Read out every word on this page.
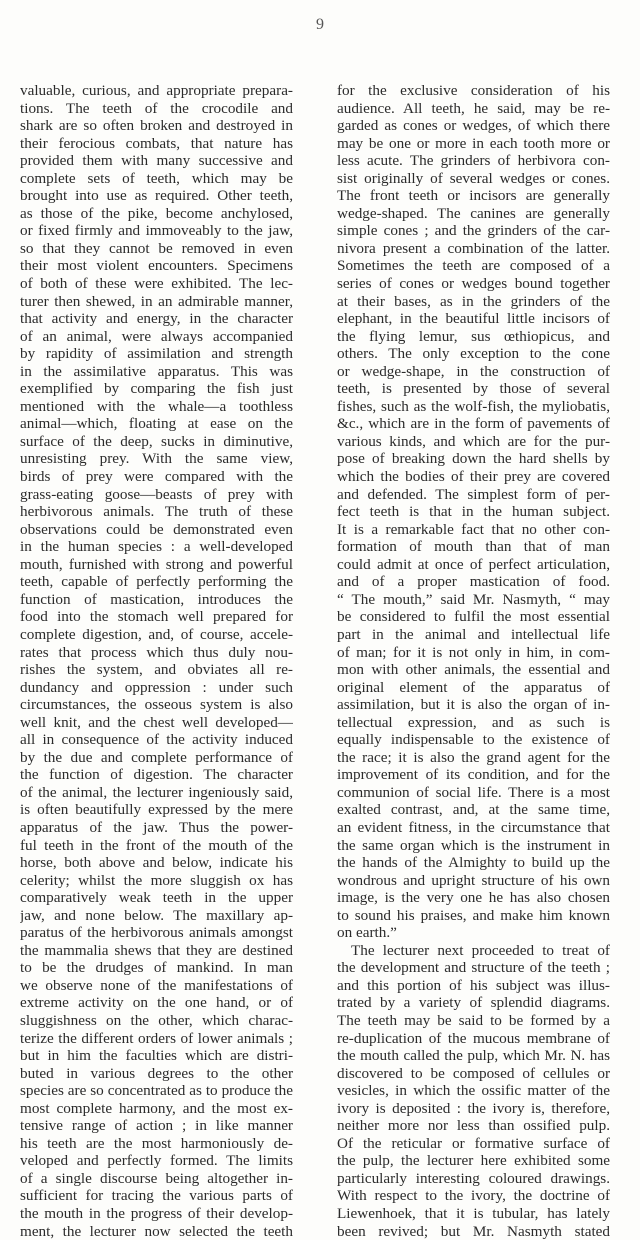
9
valuable, curious, and appropriate prepara-
tions. The teeth of the crocodile and
shark are so often broken and destroyed in
their ferocious combats, that nature has
provided them with many successive and
complete sets of teeth, which may be
brought into use as required. Other teeth,
as those of the pike, become anchylosed,
or fixed firmly and immoveably to the jaw,
so that they cannot be removed in even
their most violent encounters. Specimens
of both of these were exhibited. The lec-
turer then shewed, in an admirable manner,
that activity and energy, in the character
of an animal, were always accompanied
by rapidity of assimilation and strength
in the assimilative apparatus. This was
exemplified by comparing the fish just
mentioned with the whale—a toothless
animal—which, floating at ease on the
surface of the deep, sucks in diminutive,
unresisting prey. With the same view,
birds of prey were compared with the
grass-eating goose—beasts of prey with
herbivorous animals. The truth of these
observations could be demonstrated even
in the human species : a well-developed
mouth, furnished with strong and powerful
teeth, capable of perfectly performing the
function of mastication, introduces the
food into the stomach well prepared for
complete digestion, and, of course, accele-
rates that process which thus duly nou-
rishes the system, and obviates all re-
dundancy and oppression : under such
circumstances, the osseous system is also
well knit, and the chest well developed—
all in consequence of the activity induced
by the due and complete performance of
the function of digestion. The character
of the animal, the lecturer ingeniously said,
is often beautifully expressed by the mere
apparatus of the jaw. Thus the power-
ful teeth in the front of the mouth of the
horse, both above and below, indicate his
celerity; whilst the more sluggish ox has
comparatively weak teeth in the upper
jaw, and none below. The maxillary ap-
paratus of the herbivorous animals amongst
the mammalia shews that they are destined
to be the drudges of mankind. In man
we observe none of the manifestations of
extreme activity on the one hand, or of
sluggishness on the other, which charac-
terize the different orders of lower animals ;
but in him the faculties which are distri-
buted in various degrees to the other
species are so concentrated as to produce the
most complete harmony, and the most ex-
tensive range of action ; in like manner
his teeth are the most harmoniously de-
veloped and perfectly formed. The limits
of a single discourse being altogether in-
sufficient for tracing the various parts of
the mouth in the progress of their develop-
ment, the lecturer now selected the teeth
for the exclusive consideration of his
audience. All teeth, he said, may be re-
garded as cones or wedges, of which there
may be one or more in each tooth more or
less acute. The grinders of herbivora con-
sist originally of several wedges or cones.
The front teeth or incisors are generally
wedge-shaped. The canines are generally
simple cones ; and the grinders of the car-
nivora present a combination of the latter.
Sometimes the teeth are composed of a
series of cones or wedges bound together
at their bases, as in the grinders of the
elephant, in the beautiful little incisors of
the flying lemur, sus œthiopicus, and
others. The only exception to the cone
or wedge-shape, in the construction of
teeth, is presented by those of several
fishes, such as the wolf-fish, the myliobatis,
&c., which are in the form of pavements of
various kinds, and which are for the pur-
pose of breaking down the hard shells by
which the bodies of their prey are covered
and defended. The simplest form of per-
fect teeth is that in the human subject.
It is a remarkable fact that no other con-
formation of mouth than that of man
could admit at once of perfect articulation,
and of a proper mastication of food.
“ The mouth,” said Mr. Nasmyth, “ may
be considered to fulfil the most essential
part in the animal and intellectual life
of man; for it is not only in him, in com-
mon with other animals, the essential and
original element of the apparatus of
assimilation, but it is also the organ of in-
tellectual expression, and as such is
equally indispensable to the existence of
the race; it is also the grand agent for the
improvement of its condition, and for the
communion of social life. There is a most
exalted contrast, and, at the same time,
an evident fitness, in the circumstance that
the same organ which is the instrument in
the hands of the Almighty to build up the
wondrous and upright structure of his own
image, is the very one he has also chosen
to sound his praises, and make him known
on earth.”
The lecturer next proceeded to treat of
the development and structure of the teeth ;
and this portion of his subject was illus-
trated by a variety of splendid diagrams.
The teeth may be said to be formed by a
re-duplication of the mucous membrane of
the mouth called the pulp, which Mr. N. has
discovered to be composed of cellules or
vesicles, in which the ossific matter of the
ivory is deposited : the ivory is, therefore,
neither more nor less than ossified pulp.
Of the reticular or formative surface of
the pulp, the lecturer here exhibited some
particularly interesting coloured drawings.
With respect to the ivory, the doctrine of
Liewenhoek, that it is tubular, has lately
been revived; but Mr. Nasmyth stated
